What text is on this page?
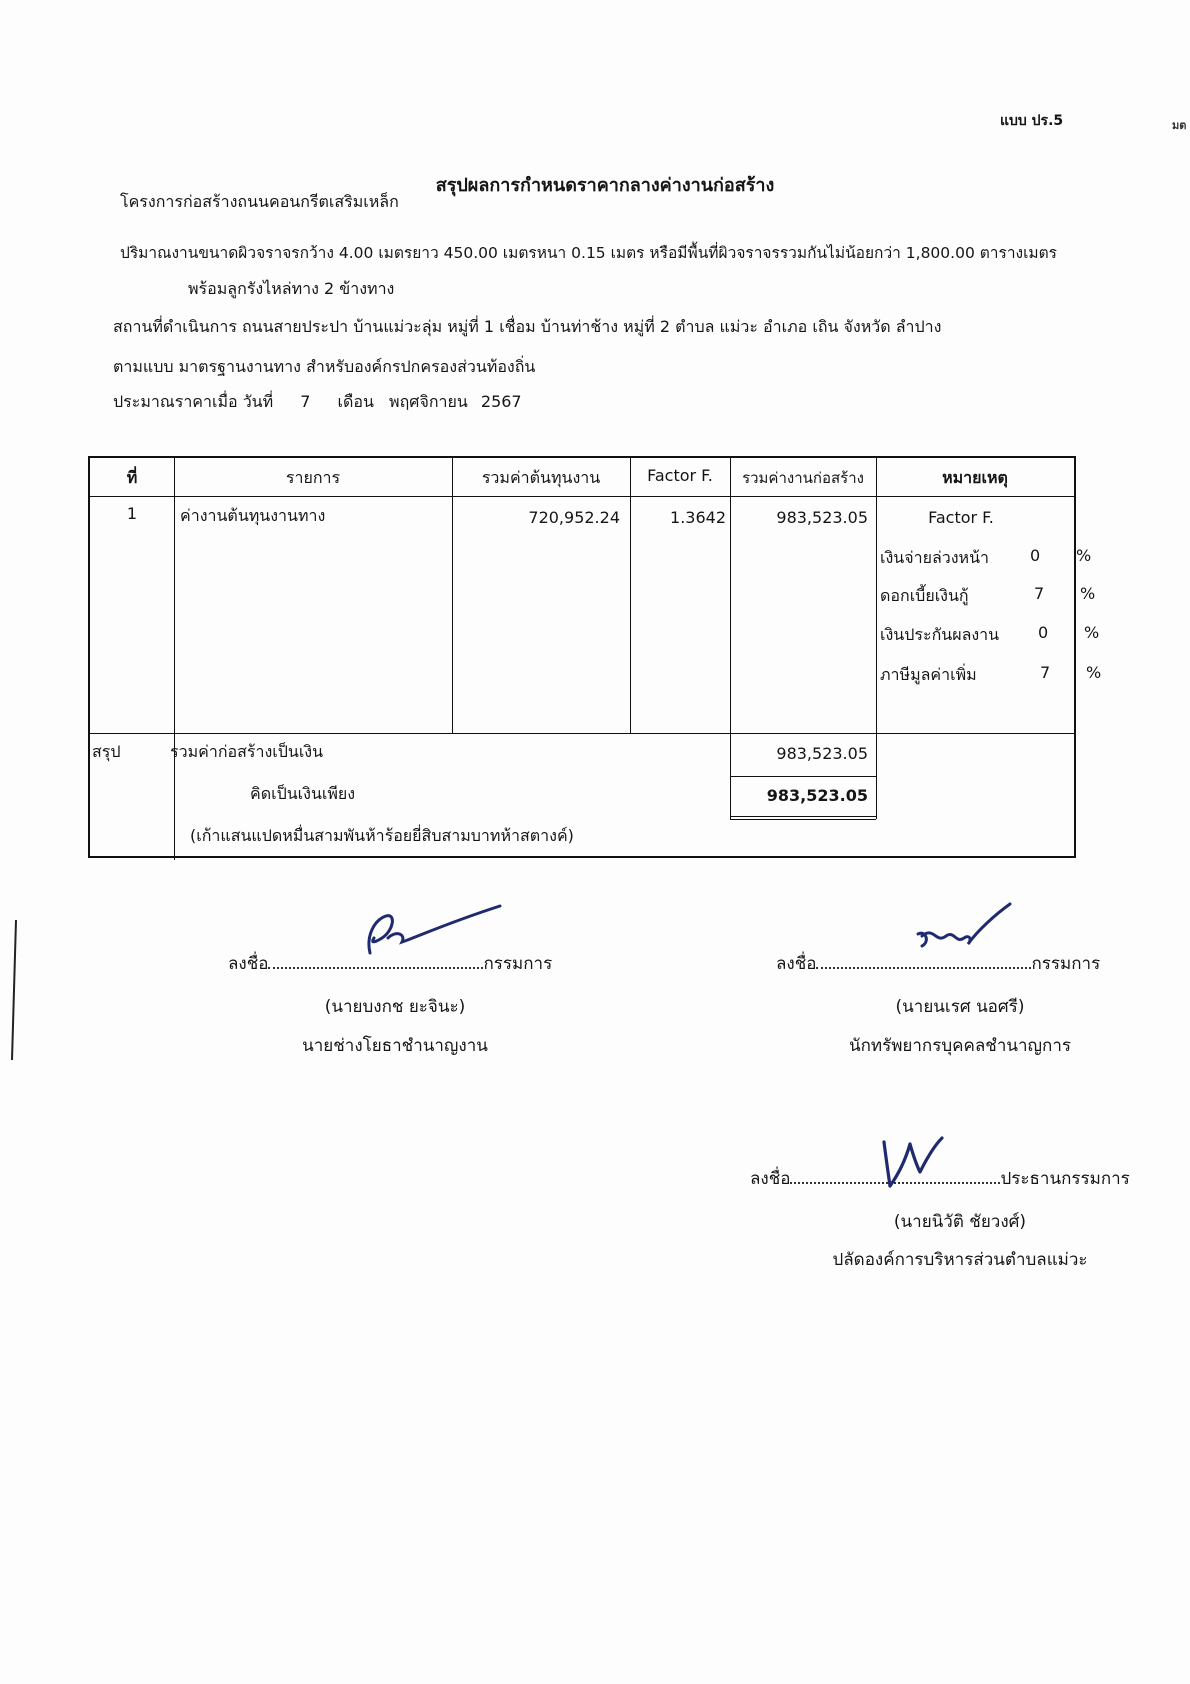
แบบ ปร.5	มต
สรุปผลการกำหนดราคากลางค่างานก่อสร้าง
โครงการก่อสร้างถนนคอนกรีตเสริมเหล็ก
ปริมาณงานขนาดผิวจราจรกว้าง 4.00 เมตรยาว 450.00 เมตรหนา 0.15 เมตร หรือมีพื้นที่ผิวจราจรรวมกันไม่น้อยกว่า 1,800.00 ตารางเมตร
พร้อมลูกรังไหล่ทาง 2 ข้างทาง
สถานที่ดำเนินการ ถนนสายประปา บ้านแม่วะลุ่ม หมู่ที่ 1 เชื่อม บ้านท่าช้าง หมู่ที่ 2 ตำบล แม่วะ อำเภอ เถิน จังหวัด ลำปาง
ตามแบบ มาตรฐานงานทาง สำหรับองค์กรปกครองส่วนท้องถิ่น
ประมาณราคาเมื่อ วันที่ 7 เดือน พฤศจิกายน 2567
ที่	รายการ	รวมค่าต้นทุนงาน	Factor F.	รวมค่างานก่อสร้าง	หมายเหตุ
1	ค่างานต้นทุนงานทาง	720,952.24	1.3642	983,523.05	Factor F.
เงินจ่ายล่วงหน้า	0 %
ดอกเบี้ยเงินกู้	7 %
เงินประกันผลงาน 0 %
ภาษีมูลค่าเพิ่ม	7 %
สรุป	รวมค่าก่อสร้างเป็นเงิน	983,523.05
คิดเป็นเงินเพียง	983,523.05
(เก้าแสนแปดหมื่นสามพันห้าร้อยยี่สิบสามบาทห้าสตางค์)
ลงชื่อ	กรรมการ
(นายบงกช ยะจินะ)
นายช่างโยธาชำนาญงาน
ลงชื่อ	กรรมการ
(นายนเรศ นอศรี)
นักทรัพยากรบุคคลชำนาญการ
ลงชื่อ	ประธานกรรมการ
(นายนิวัติ ชัยวงศ์)
ปลัดองค์การบริหารส่วนตำบลแม่วะ
